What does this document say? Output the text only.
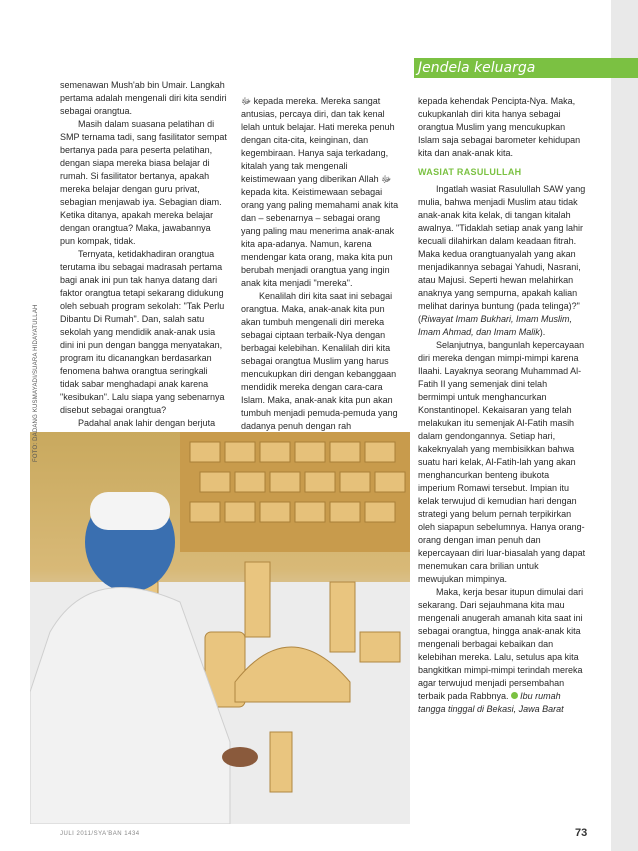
Jendela keluarga

semenawan Mush'ab bin Umair. Langkah pertama adalah mengenali diri kita sendiri sebagai orangtua.

Masih dalam suasana pelatihan di SMP ternama tadi, sang fasilitator sempat bertanya pada para peserta pelatihan, dengan siapa mereka biasa belajar di rumah. Si fasilitator bertanya, apakah mereka belajar dengan guru privat, sebagian menjawab iya. Sebagian diam. Ketika ditanya, apakah mereka belajar dengan orangtua? Maka, jawabannya pun kompak, tidak.

Ternyata, ketidakhadiran orangtua terutama ibu sebagai madrasah pertama bagi anak ini pun tak hanya datang dari faktor orangtua tetapi sekarang didukung oleh sebuah program sekolah: "Tak Perlu Dibantu Di Rumah". Dan, salah satu sekolah yang mendidik anak-anak usia dini ini pun dengan bangga menyatakan, program itu dicanangkan berdasarkan fenomena bahwa orangtua seringkali tidak sabar menghadapi anak karena "kesibukan". Lalu siapa yang sebenarnya disebut sebagai orangtua?

Padahal anak lahir dengan berjuta

ﷻ kepada mereka. Mereka sangat antusias, percaya diri, dan tak kenal lelah untuk belajar. Hati mereka penuh dengan cita-cita, keinginan, dan kegembiraan. Hanya saja terkadang, kitalah yang tak mengenali keistimewaan yang diberikan Allah ﷻ kepada kita. Keistimewaan sebagai orang yang paling memahami anak kita dan – sebenarnya – sebagai orang yang paling mau menerima anak-anak kita apa-adanya. Namun, karena mendengar kata orang, maka kita pun berubah menjadi orangtua yang ingin anak kita menjadi "mereka".

Kenalilah diri kita saat ini sebagai orangtua. Maka, anak-anak kita pun akan tumbuh mengenali diri mereka sebagai ciptaan terbaik-Nya dengan berbagai kelebihan. Kenalilah diri kita sebagai orangtua Muslim yang harus mencukupkan diri dengan kebanggaan mendidik mereka dengan cara-cara Islam. Maka, anak-anak kita pun akan tumbuh menjadi pemuda-pemuda yang dadanya penuh dengan rah

kepada kehendak Pencipta-Nya. Maka, cukupkanlah diri kita hanya sebagai orangtua Muslim yang mencukupkan Islam saja sebagai barometer kehidupan kita dan anak-anak kita.

WASIAT RASULULLAH

Ingatlah wasiat Rasulullah SAW yang mulia, bahwa menjadi Muslim atau tidak anak-anak kita kelak, di tangan kitalah awalnya. "Tidaklah setiap anak yang lahir kecuali dilahirkan dalam keadaan fitrah. Maka kedua orangtuanyalah yang akan menjadikannya sebagai Yahudi, Nasrani, atau Majusi. Seperti hewan melahirkan anaknya yang sempurna, apakah kalian melihat darinya buntung (pada telinga)?" (Riwayat Imam Bukhari, Imam Muslim, Imam Ahmad, dan Imam Malik).

Selanjutnya, bangunlah kepercayaan diri mereka dengan mimpi-mimpi karena Ilaahi. Layaknya seorang Muhammad Al-Fatih II yang semenjak dini telah bermimpi untuk menghancurkan Konstantinopel. Kekaisaran yang telah melakukan itu semenjak Al-Fatih masih dalam gendongannya. Setiap hari, kakeknyalah yang membisikkan bahwa suatu hari kelak, Al-Fatih-lah yang akan menghancurkan benteng ibukota imperium Romawi tersebut. Impian itu kelak terwujud di kemudian hari dengan strategi yang belum pernah terpikirkan oleh siapapun sebelumnya. Hanya orang-orang dengan iman penuh dan kepercayaan diri luar-biasalah yang dapat menemukan cara brilian untuk mewujukan mimpinya.

Maka, kerja besar itupun dimulai dari sekarang. Dari sejauhmana kita mau mengenali anugerah amanah kita saat ini sebagai orangtua, hingga anak-anak kita mengenali berbagai kebaikan dan kelebihan mereka. Lalu, setulus apa kita bangkitkan mimpi-mimpi terindah mereka agar terwujud menjadi persembahan terbaik pada Rabbnya. Ibu rumah tangga tinggal di Bekasi, Jawa Barat

FOTO: DADANG KUSMAYADI/SUARA HIDAYATULLAH
JULI 2011/SYA'BAN 1434	73
